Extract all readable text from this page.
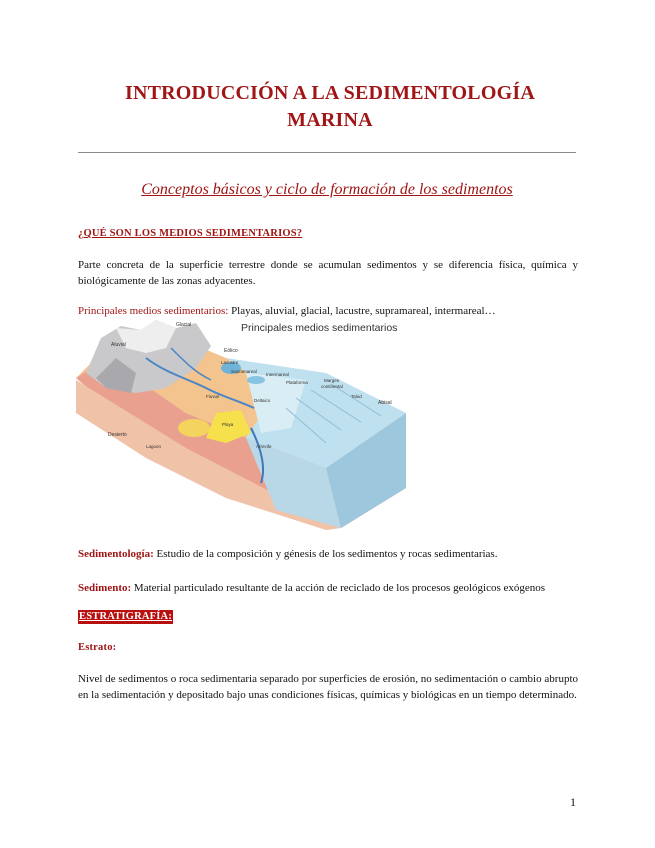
INTRODUCCIÓN A LA SEDIMENTOLOGÍA
MARINA
Conceptos básicos y ciclo de formación de los sedimentos
¿QUÉ SON LOS MEDIOS SEDIMENTARIOS?
Parte concreta de la superficie terrestre donde se acumulan sedimentos y se diferencia física, química y biológicamente de las zonas adyacentes.
Principales medios sedimentarios: Playas, aluvial, glacial, lacustre, supramareal, intermareal…
Principales medios sedimentarios
Glacial
Aluvial
Eólico
Lacustre
Supramareal
Intermareal
Plataforma	Margen
continental
Talud
Abisal
Fluvial
Deltaico
Playa
Arrecife
Desierto
Lagoon
Sedimentología: Estudio de la composición y génesis de los sedimentos y rocas sedimentarias.
Sedimento: Material particulado resultante de la acción de reciclado de los procesos geológicos exógenos
ESTRATIGRAFÍA:
Estrato:
Nivel de sedimentos o roca sedimentaria separado por superficies de erosión, no sedimentación o cambio abrupto en la sedimentación y depositado bajo unas condiciones físicas, químicas y biológicas en un tiempo determinado.
1
